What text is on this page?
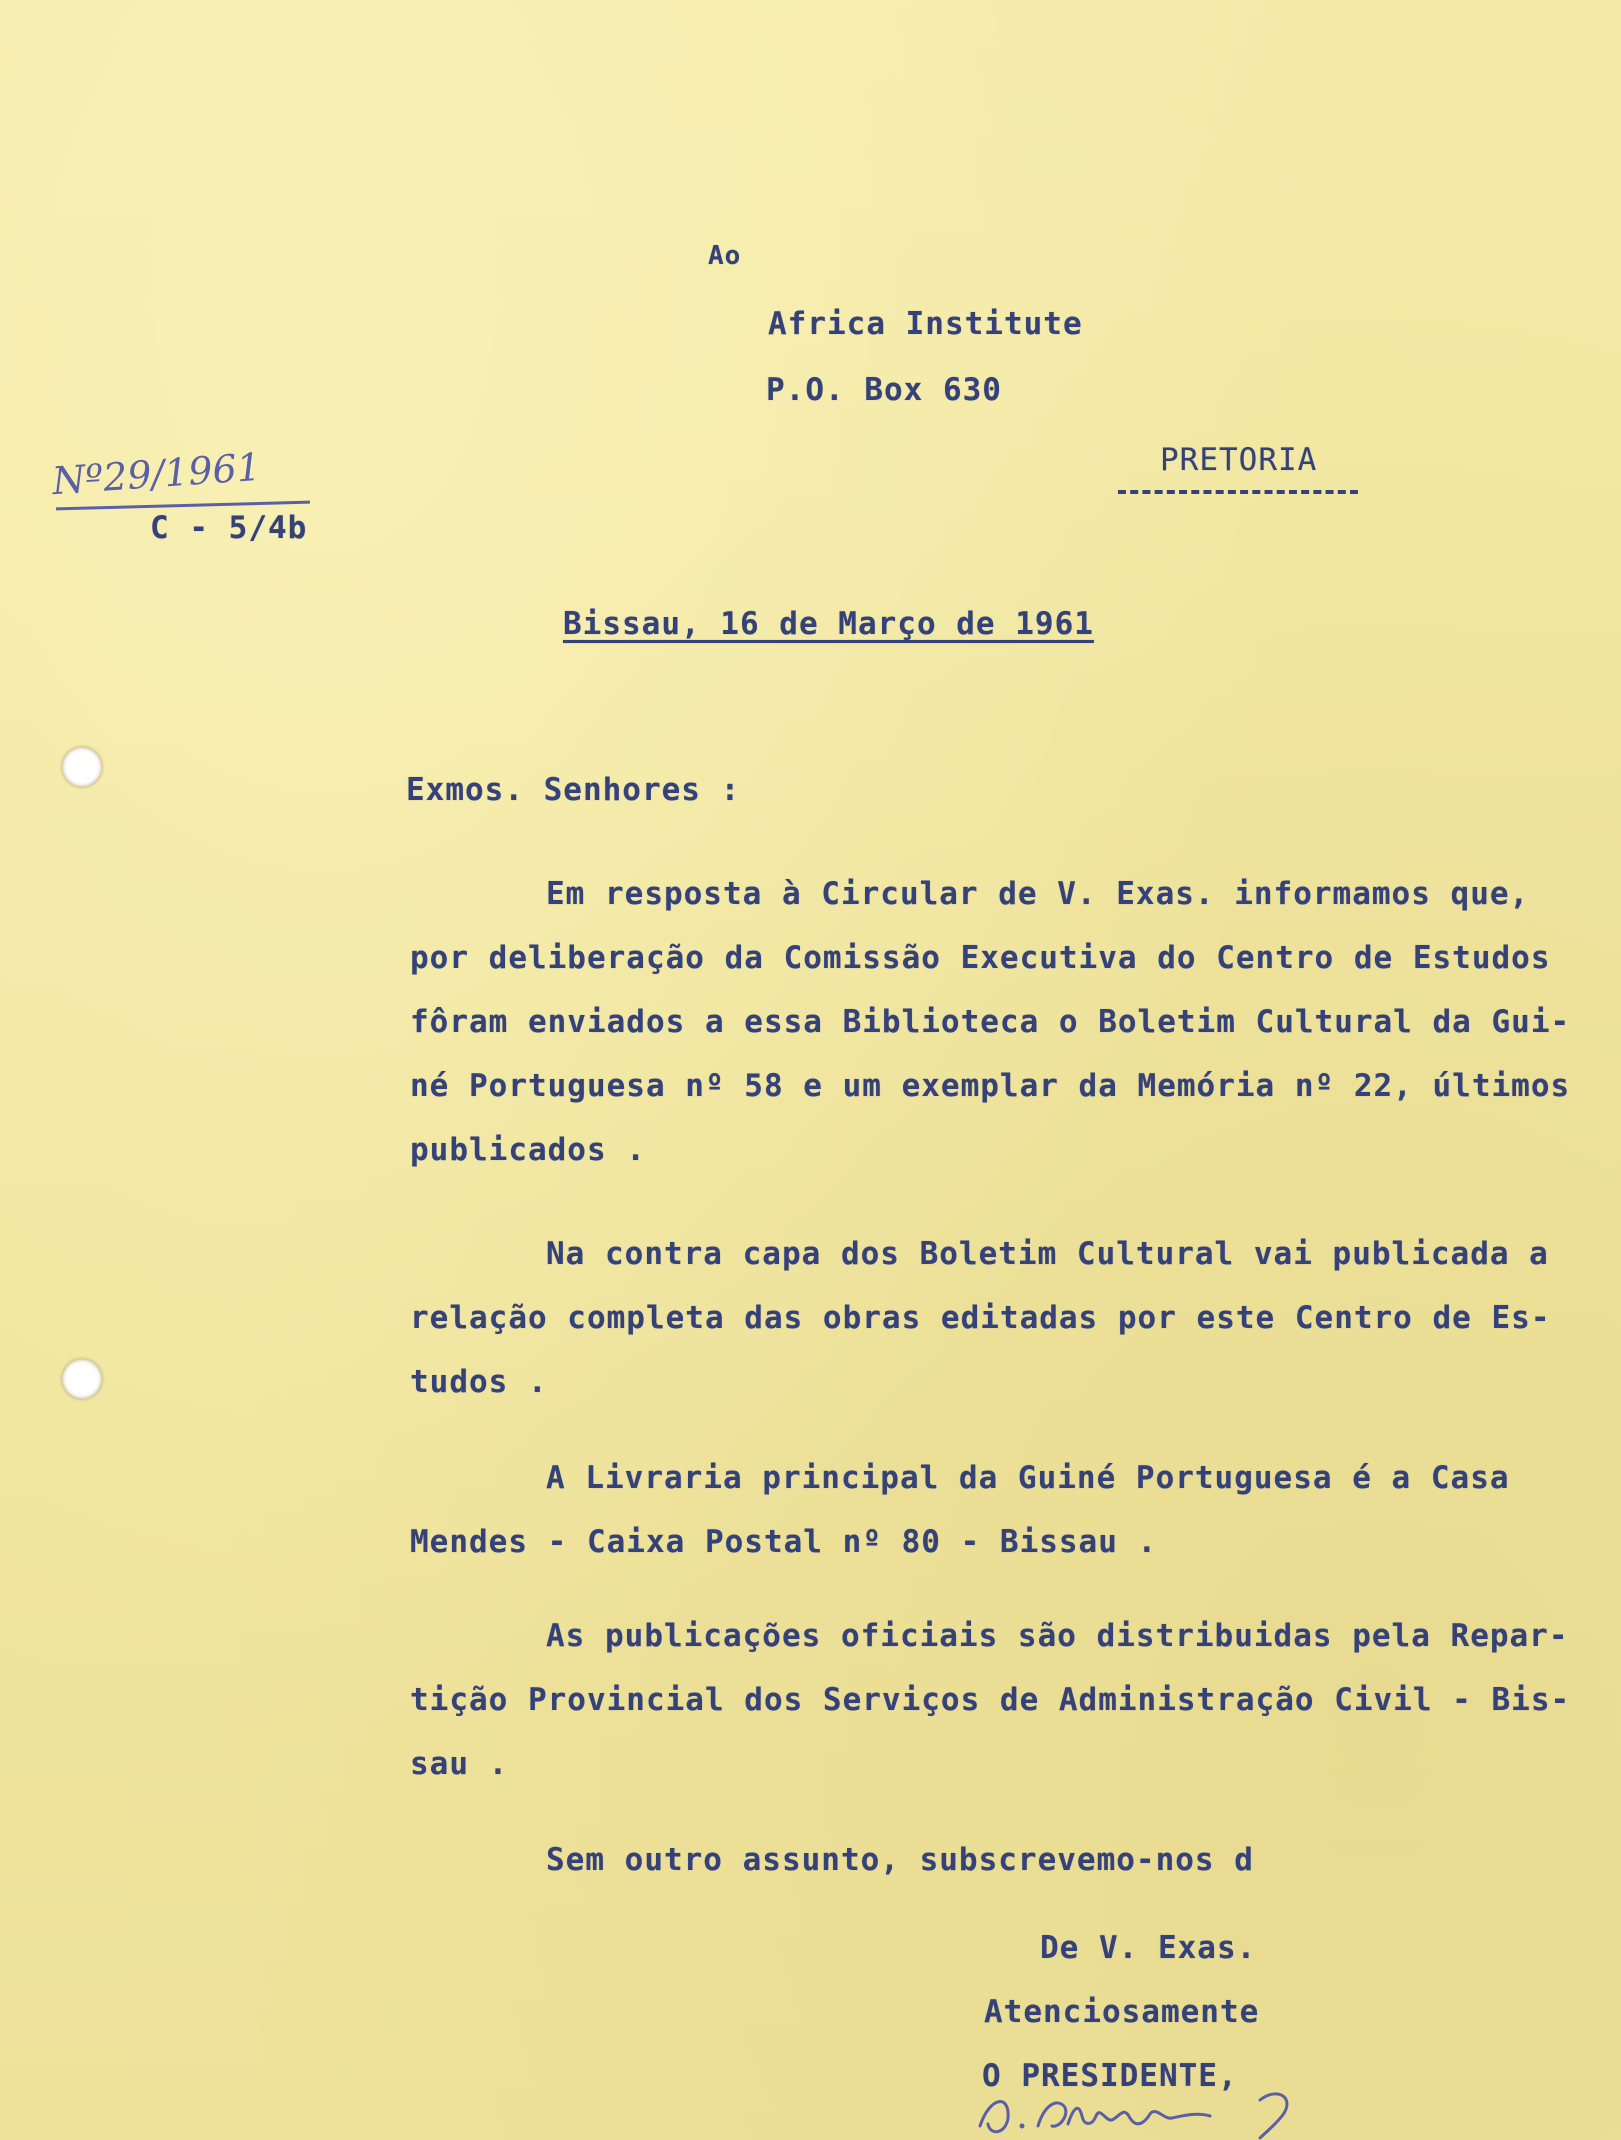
Ao
Africa Institute
P.O. Box 630
PRETORIA
Nº29/1961
C - 5/4b
Bissau, 16 de Março de 1961
Exmos. Senhores :
Em resposta à Circular de V. Exas. informamos que,
por deliberação da Comissão Executiva do Centro de Estudos
fôram enviados a essa Biblioteca o Boletim Cultural da Gui-
né Portuguesa nº 58 e um exemplar da Memória nº 22, últimos
publicados .
Na contra capa dos Boletim Cultural vai publicada a
relação completa das obras editadas por este Centro de Es-
tudos .
A Livraria principal da Guiné Portuguesa é a Casa
Mendes - Caixa Postal nº 80 - Bissau .
As publicações oficiais são distribuidas pela Repar-
tição Provincial dos Serviços de Administração Civil - Bis-
sau .
Sem outro assunto, subscrevemo-nos d
De V. Exas.
Atenciosamente
O PRESIDENTE,
